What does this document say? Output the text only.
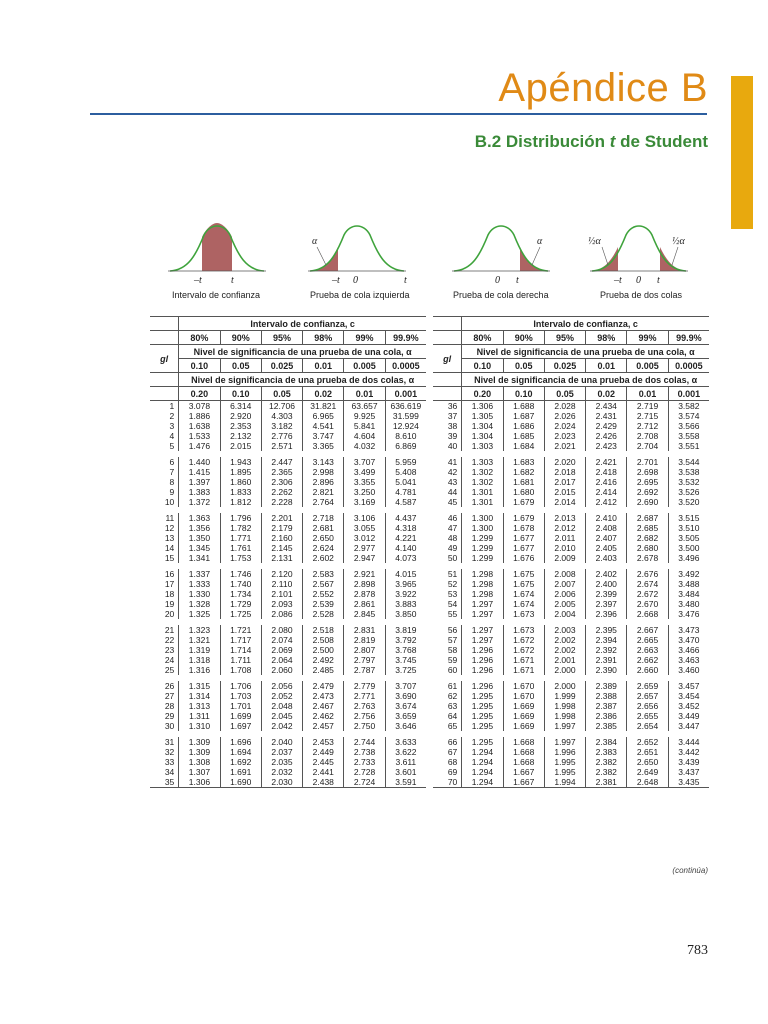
Apéndice B
B.2 Distribución t de Student
–t	t
Intervalo de confianza
α
–t 0	t
Prueba de cola izquierda
α
0 t
Prueba de cola derecha
½α	½α
–t 0 t
Prueba de dos colas
	Intervalo de confianza, c					
	80%	90%	95%	98%	99%	99.9%
gl	Nivel de significancia de una prueba de una cola, α					
	0.10	0.05	0.025	0.01	0.005	0.0005
	Nivel de significancia de una prueba de dos colas, α					
	0.20	0.10	0.05	0.02	0.01	0.001
1	3.078	6.314	12.706	31.821	63.657	636.619
2	1.886	2.920	4.303	6.965	9.925	31.599
3	1.638	2.353	3.182	4.541	5.841	12.924
4	1.533	2.132	2.776	3.747	4.604	8.610
5	1.476	2.015	2.571	3.365	4.032	6.869

6	1.440	1.943	2.447	3.143	3.707	5.959
7	1.415	1.895	2.365	2.998	3.499	5.408
8	1.397	1.860	2.306	2.896	3.355	5.041
9	1.383	1.833	2.262	2.821	3.250	4.781
10	1.372	1.812	2.228	2.764	3.169	4.587

11	1.363	1.796	2.201	2.718	3.106	4.437
12	1.356	1.782	2.179	2.681	3.055	4.318
13	1.350	1.771	2.160	2.650	3.012	4.221
14	1.345	1.761	2.145	2.624	2.977	4.140
15	1.341	1.753	2.131	2.602	2.947	4.073

16	1.337	1.746	2.120	2.583	2.921	4.015
17	1.333	1.740	2.110	2.567	2.898	3.965
18	1.330	1.734	2.101	2.552	2.878	3.922
19	1.328	1.729	2.093	2.539	2.861	3.883
20	1.325	1.725	2.086	2.528	2.845	3.850

21	1.323	1.721	2.080	2.518	2.831	3.819
22	1.321	1.717	2.074	2.508	2.819	3.792
23	1.319	1.714	2.069	2.500	2.807	3.768
24	1.318	1.711	2.064	2.492	2.797	3.745
25	1.316	1.708	2.060	2.485	2.787	3.725

26	1.315	1.706	2.056	2.479	2.779	3.707
27	1.314	1.703	2.052	2.473	2.771	3.690
28	1.313	1.701	2.048	2.467	2.763	3.674
29	1.311	1.699	2.045	2.462	2.756	3.659
30	1.310	1.697	2.042	2.457	2.750	3.646

31	1.309	1.696	2.040	2.453	2.744	3.633
32	1.309	1.694	2.037	2.449	2.738	3.622
33	1.308	1.692	2.035	2.445	2.733	3.611
34	1.307	1.691	2.032	2.441	2.728	3.601
35	1.306	1.690	2.030	2.438	2.724	3.591
	Intervalo de confianza, c					
	80%	90%	95%	98%	99%	99.9%
gl	Nivel de significancia de una prueba de una cola, α					
	0.10	0.05	0.025	0.01	0.005	0.0005
	Nivel de significancia de una prueba de dos colas, α					
	0.20	0.10	0.05	0.02	0.01	0.001
36	1.306	1.688	2.028	2.434	2.719	3.582
37	1.305	1.687	2.026	2.431	2.715	3.574
38	1.304	1.686	2.024	2.429	2.712	3.566
39	1.304	1.685	2.023	2.426	2.708	3.558
40	1.303	1.684	2.021	2.423	2.704	3.551

41	1.303	1.683	2.020	2.421	2.701	3.544
42	1.302	1.682	2.018	2.418	2.698	3.538
43	1.302	1.681	2.017	2.416	2.695	3.532
44	1.301	1.680	2.015	2.414	2.692	3.526
45	1.301	1.679	2.014	2.412	2.690	3.520

46	1.300	1.679	2.013	2.410	2.687	3.515
47	1.300	1.678	2.012	2.408	2.685	3.510
48	1.299	1.677	2.011	2.407	2.682	3.505
49	1.299	1.677	2.010	2.405	2.680	3.500
50	1.299	1.676	2.009	2.403	2.678	3.496

51	1.298	1.675	2.008	2.402	2.676	3.492
52	1.298	1.675	2.007	2.400	2.674	3.488
53	1.298	1.674	2.006	2.399	2.672	3.484
54	1.297	1.674	2.005	2.397	2.670	3.480
55	1.297	1.673	2.004	2.396	2.668	3.476

56	1.297	1.673	2.003	2.395	2.667	3.473
57	1.297	1.672	2.002	2.394	2.665	3.470
58	1.296	1.672	2.002	2.392	2.663	3.466
59	1.296	1.671	2.001	2.391	2.662	3.463
60	1.296	1.671	2.000	2.390	2.660	3.460

61	1.296	1.670	2.000	2.389	2.659	3.457
62	1.295	1.670	1.999	2.388	2.657	3.454
63	1.295	1.669	1.998	2.387	2.656	3.452
64	1.295	1.669	1.998	2.386	2.655	3.449
65	1.295	1.669	1.997	2.385	2.654	3.447

66	1.295	1.668	1.997	2.384	2.652	3.444
67	1.294	1.668	1.996	2.383	2.651	3.442
68	1.294	1.668	1.995	2.382	2.650	3.439
69	1.294	1.667	1.995	2.382	2.649	3.437
70	1.294	1.667	1.994	2.381	2.648	3.435
(continúa)
783
